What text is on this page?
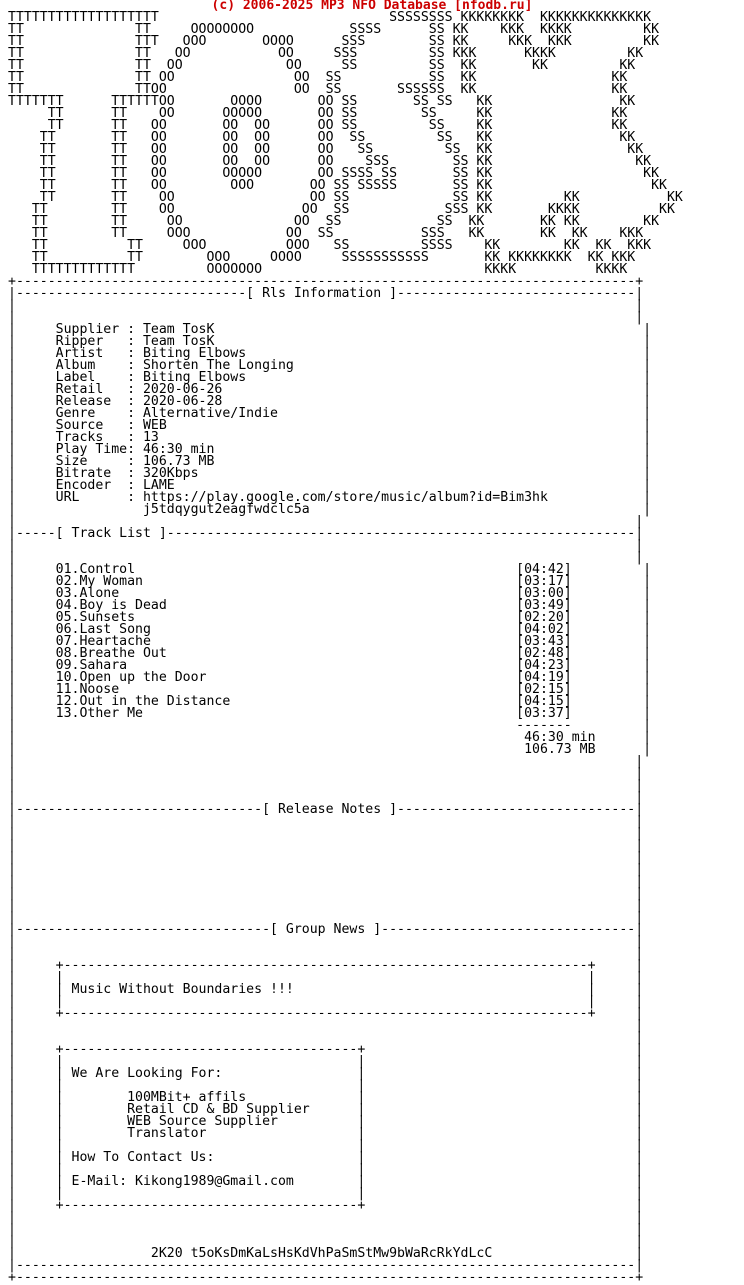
(c) 2006-2025 MP3 NFO Database [nfodb.ru]
TTTTTTTTTTTTTTTTTTT                             SSSSSSSS KKKKKKKK  KKKKKKKKKKKKKK
TT              TT     OOOOOOOO            SSSS      SS KK    KKK  KKKK         KK
TT              TTT   OOO       OOOO      SSS        SS KK     KKK  KKK         KK
TT              TT   OO           OO     SSS         SS KKK      KKKK         KK
TT              TT  OO             OO     SS         SS  KK       KK         KK
TT              TT OO               OO  SS           SS  KK                 KK
TT              TTOO                OO  SS       SSSSSS  KK                 KK
TTTTTTT      TTTTTTOO       OOOO       OO SS       SS SS   KK                KK
TT      TT    OO      OOOOO       OO SS        SS     KK               KK
TT      TT   OO       OO  OO      OO SS         SS    KK               KK
TT       TT   OO       OO  OO      OO  SS         SS   KK                KK
TT       TT   OO       OO  OO      OO   SS         SS  KK                 KK
TT       TT   OO       OO  OO      OO    SSS        SS KK                  KK
TT       TT   OO       OOOOO       OO SSSS SS       SS KK                   KK
TT       TT   OO        OOO       OO SS SSSSS       SS KK                    KK
TT       TT    OO                 OO SS             SS KK         KK           KK
TT        TT    OO                OO  SS            SSS KK       KKKK          KK
TT        TT     OO              OO  SS            SS  KK       KK KK        KK
TT        TT     OOO            OO  SS           SSS   KK       KK  KK    KKK
TT          TT     OOO          OOO   SS         SSSS    KK        KK  KK  KKK
TT          TT        OOO     OOOO     SSSSSSSSSSS       KK KKKKKKKK  KK KKK
TTTTTTTTTTTTT         OOOOOOO                            KKKK          KKKK
+------------------------------------------------------------------------------+
|-----------------------------[ Rls Information ]------------------------------|
|                                                                              |
|                                                                              |
|     Supplier : Team TosK                                                      |
|     Ripper   : Team TosK                                                      |
|     Artist   : Biting Elbows                                                  |
|     Album    : Shorten The Longing                                            |
|     Label    : Biting Elbows                                                  |
|     Retail   : 2020-06-26                                                     |
|     Release  : 2020-06-28                                                     |
|     Genre    : Alternative/Indie                                              |
|     Source   : WEB                                                            |
|     Tracks   : 13                                                             |
|     Play Time: 46:30 min                                                      |
|     Size     : 106.73 MB                                                      |
|     Bitrate  : 320Kbps                                                        |
|     Encoder  : LAME                                                           |
|     URL      : https://play.google.com/store/music/album?id=Bim3hk            |
|                j5tdqygut2eagfwdclc5a                                          |
|                                                                              |
|-----[ Track List ]-----------------------------------------------------------|
|                                                                              |
|                                                                              |
|     01.Control                                                [04:42]         |
|     02.My Woman                                               [03:17]         |
|     03.Alone                                                  [03:00]         |
|     04.Boy is Dead                                            [03:49]         |
|     05.Sunsets                                                [02:20]         |
|     06.Last Song                                              [04:02]         |
|     07.Heartache                                              [03:43]         |
|     08.Breathe Out                                            [02:48]         |
|     09.Sahara                                                 [04:23]         |
|     10.Open up the Door                                       [04:19]         |
|     11.Noose                                                  [02:15]         |
|     12.Out in the Distance                                    [04:15]         |
|     13.Other Me                                               [03:37]         |
|                                                               -------         |
|                                                                46:30 min      |
|                                                                106.73 MB      |
|                                                                              |
|                                                                              |
|                                                                              |
|                                                                              |
|-------------------------------[ Release Notes ]------------------------------|
|                                                                              |
|                                                                              |
|                                                                              |
|                                                                              |
|                                                                              |
|                                                                              |
|                                                                              |
|                                                                              |
|                                                                              |
|--------------------------------[ Group News ]--------------------------------|
|                                                                              |
|                                                                              |
|     +------------------------------------------------------------------+     |
|     |                                                                  |     |
|     | Music Without Boundaries !!!                                     |     |
|     |                                                                  |     |
|     +------------------------------------------------------------------+     |
|                                                                              |
|                                                                              |
|     +-------------------------------------+                                  |
|     |                                     |                                  |
|     | We Are Looking For:                 |                                  |
|     |                                     |                                  |
|     |        100MBit+ affils              |                                  |
|     |        Retail CD & BD Supplier      |                                  |
|     |        WEB Source Supplier          |                                  |
|     |        Translator                   |                                  |
|     |                                     |                                  |
|     | How To Contact Us:                  |                                  |
|     |                                     |                                  |
|     | E-Mail: Kikong1989@Gmail.com        |                                  |
|     |                                     |                                  |
|     +-------------------------------------+                                  |
|                                                                              |
|                                                                              |
|                                                                              |
|                 2K20 t5oKsDmKaLsHsKdVhPaSmStMw9bWaRcRkYdLcC                  |
|------------------------------------------------------------------------------|
+------------------------------------------------------------------------------+
